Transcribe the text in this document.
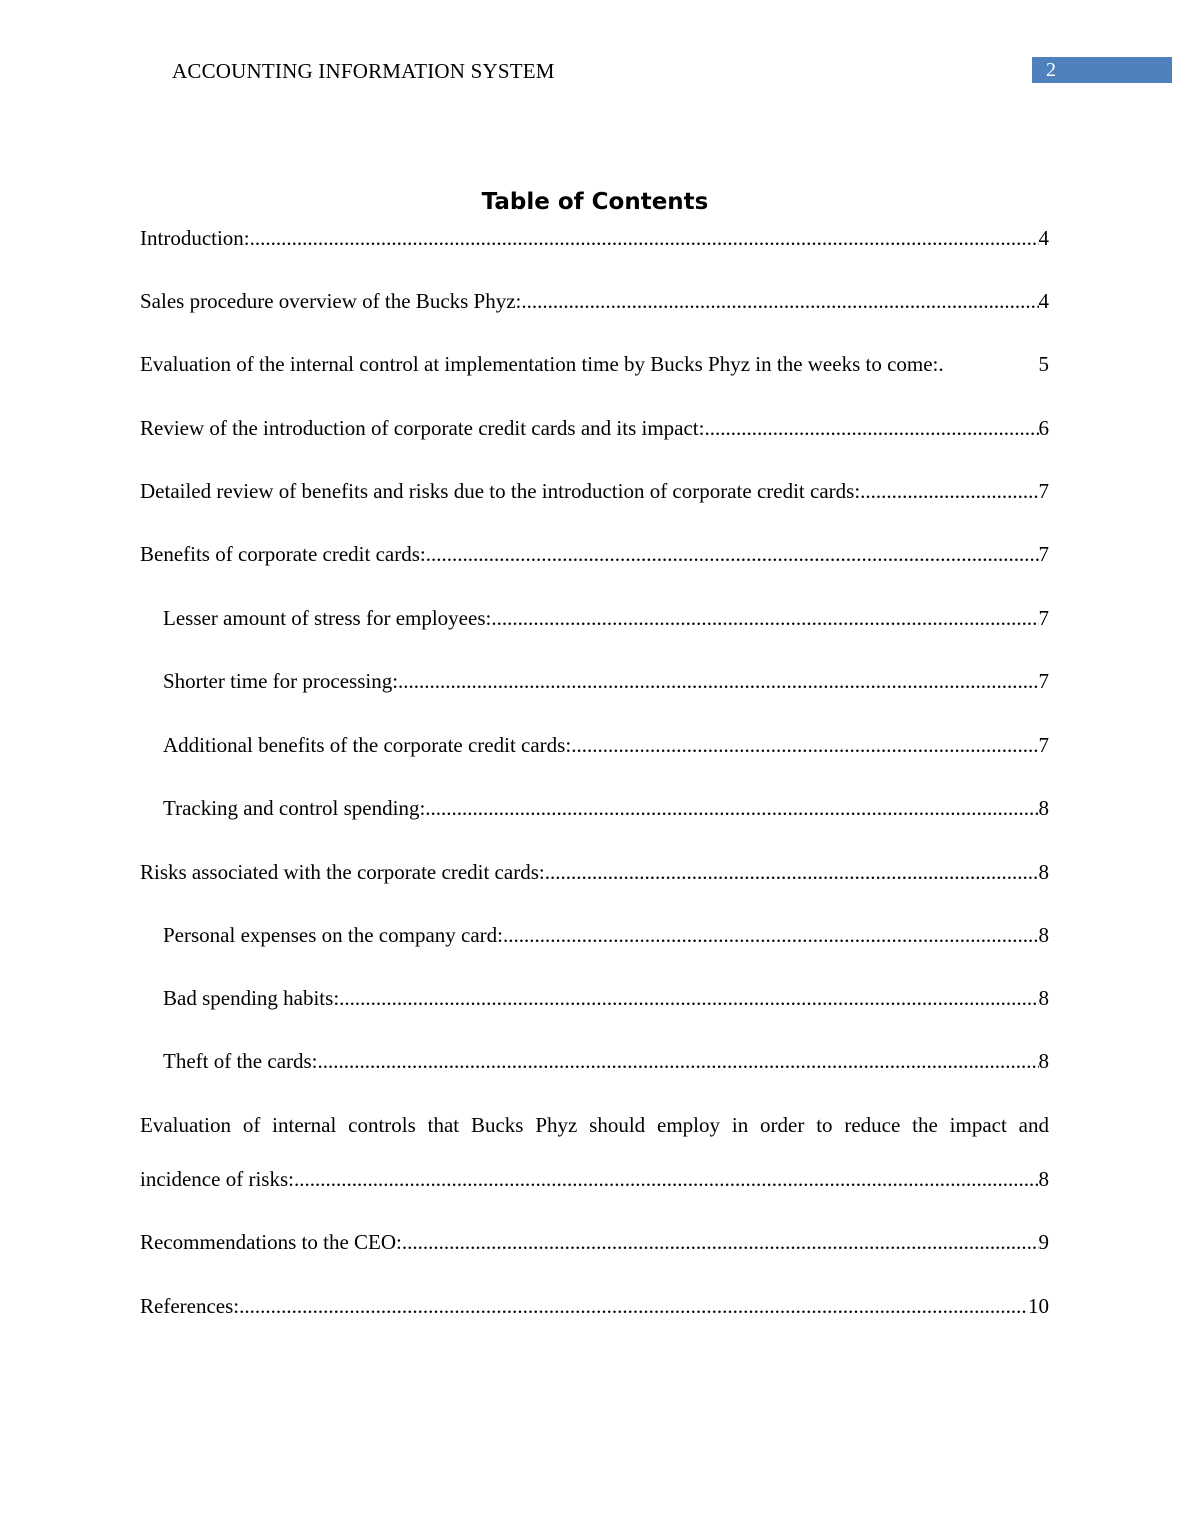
ACCOUNTING INFORMATION SYSTEM	2
Table of Contents
Introduction: .....	4
Sales procedure overview of the Bucks Phyz: .....	4
Evaluation of the internal control at implementation time by Bucks Phyz in the weeks to come:.	5
Review of the introduction of corporate credit cards and its impact: .....	6
Detailed review of benefits and risks due to the introduction of corporate credit cards: .....	7
Benefits of corporate credit cards: .....	7
Lesser amount of stress for employees: .....	7
Shorter time for processing: .....	7
Additional benefits of the corporate credit cards: .....	7
Tracking and control spending: .....	8
Risks associated with the corporate credit cards: .....	8
Personal expenses on the company card: .....	8
Bad spending habits: .....	8
Theft of the cards: .....	8
Evaluation of internal controls that Bucks Phyz should employ in order to reduce the impact and
incidence of risks: .....	8
Recommendations to the CEO: .....	9
References: .....	10
